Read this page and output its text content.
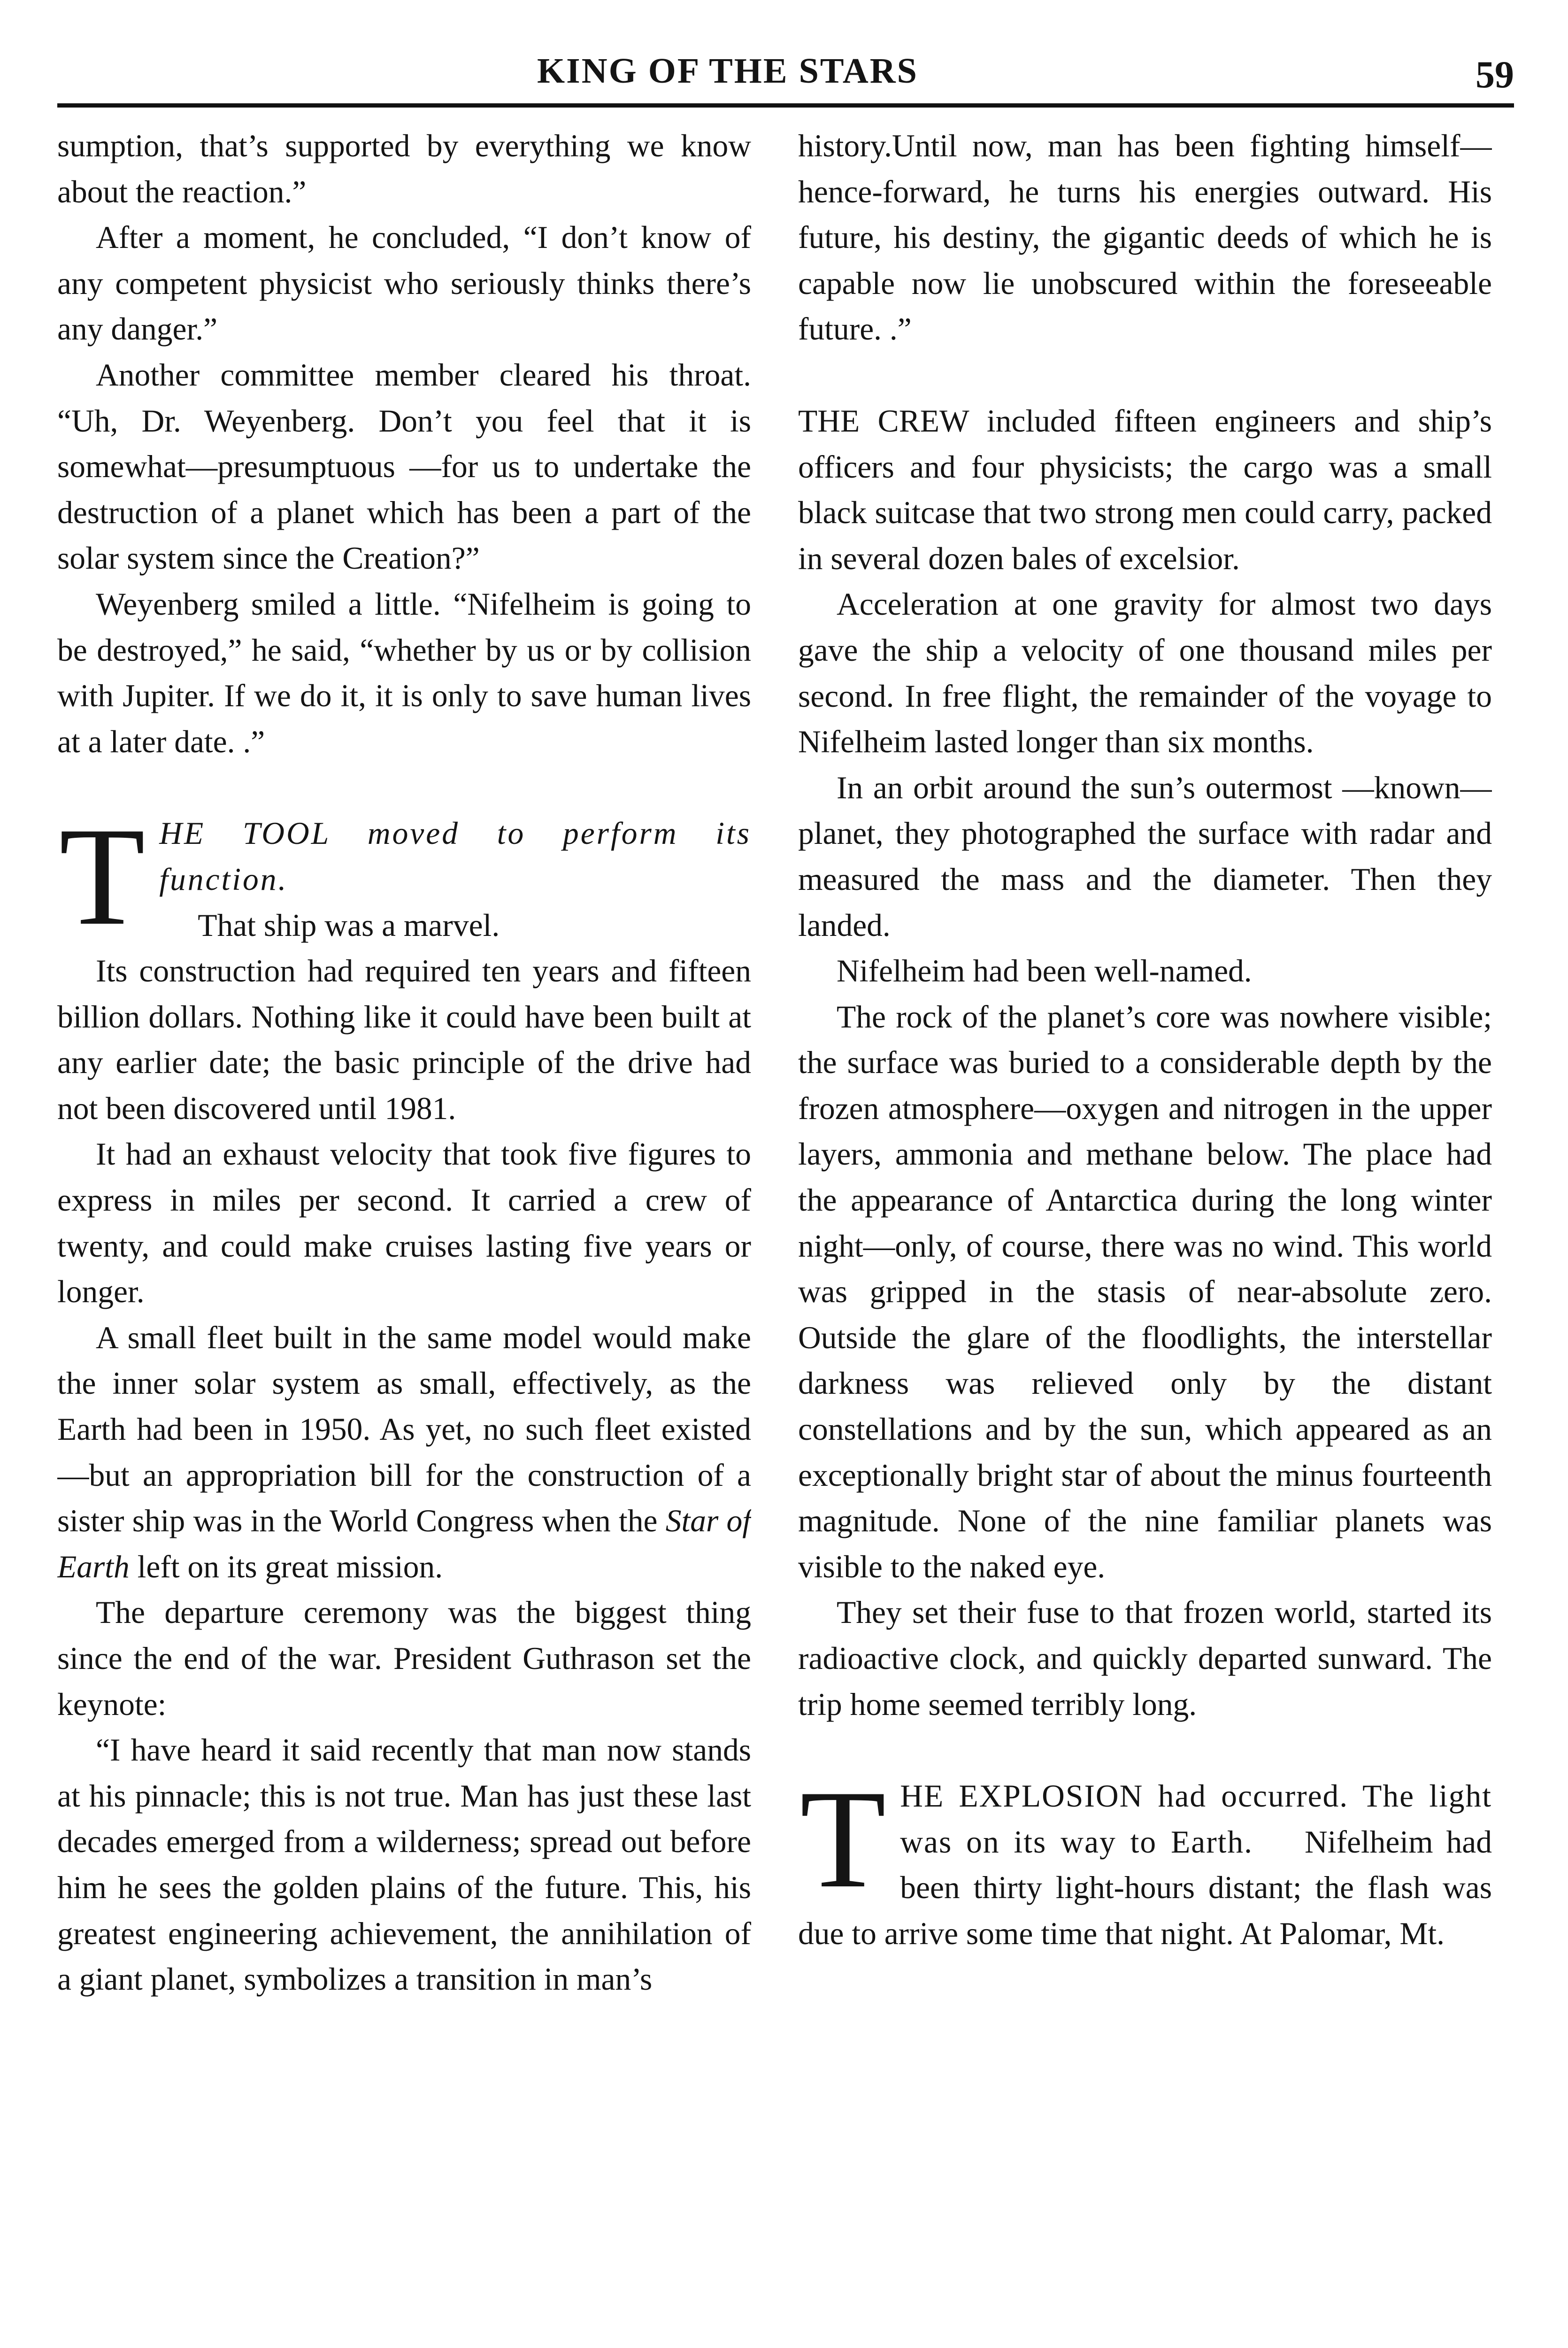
KING OF THE STARS	59

sumption, that’s supported by everything we know about the reaction.”

After a moment, he concluded, “I don’t know of any competent physicist who seriously thinks there’s any danger.”

Another committee member cleared his throat. “Uh, Dr. Weyenberg. Don’t you feel that it is somewhat—presumptuous —for us to undertake the destruction of a planet which has been a part of the solar system since the Creation?”

Weyenberg smiled a little. “Nifelheim is going to be destroyed,” he said, “whether by us or by collision with Jupiter. If we do it, it is only to save human lives at a later date. .”

T HE TOOL moved to perform its function.
That ship was a marvel.

Its construction had required ten years and fifteen billion dollars. Nothing like it could have been built at any earlier date; the basic principle of the drive had not been discovered until 1981.

It had an exhaust velocity that took five figures to express in miles per second. It carried a crew of twenty, and could make cruises lasting five years or longer.

A small fleet built in the same model would make the inner solar system as small, effectively, as the Earth had been in 1950. As yet, no such fleet existed—but an appropriation bill for the construction of a sister ship was in the World Congress when the Star of Earth left on its great mission.

The departure ceremony was the biggest thing since the end of the war. President Guthrason set the keynote:

“I have heard it said recently that man now stands at his pinnacle; this is not true. Man has just these last decades emerged from a wilderness; spread out before him he sees the golden plains of the future. This, his greatest engineering achievement, the annihilation of a giant planet, symbolizes a transition in man’s

history.Until now, man has been fighting himself—hence-forward, he turns his energies outward. His future, his destiny, the gigantic deeds of which he is capable now lie unobscured within the foreseeable future. .”

THE CREW included fifteen engineers and ship’s officers and four physicists; the cargo was a small black suitcase that two strong men could carry, packed in several dozen bales of excelsior.

Acceleration at one gravity for almost two days gave the ship a velocity of one thousand miles per second. In free flight, the remainder of the voyage to Nifelheim lasted longer than six months.

In an orbit around the sun’s outermost —known—planet, they photographed the surface with radar and measured the mass and the diameter. Then they landed.

Nifelheim had been well-named.

The rock of the planet’s core was nowhere visible; the surface was buried to a considerable depth by the frozen atmosphere—oxygen and nitrogen in the upper layers, ammonia and methane below. The place had the appearance of Antarctica during the long winter night—only, of course, there was no wind. This world was gripped in the stasis of near-absolute zero. Outside the glare of the floodlights, the interstellar darkness was relieved only by the distant constellations and by the sun, which appeared as an exceptionally bright star of about the minus fourteenth magnitude. None of the nine familiar planets was visible to the naked eye.

They set their fuse to that frozen world, started its radioactive clock, and quickly departed sunward. The trip home seemed terribly long.

T HE EXPLOSION had occurred. The light was on its way to Earth. Nifelheim had been thirty light-hours distant; the flash was due to arrive some time that night. At Palomar, Mt.
